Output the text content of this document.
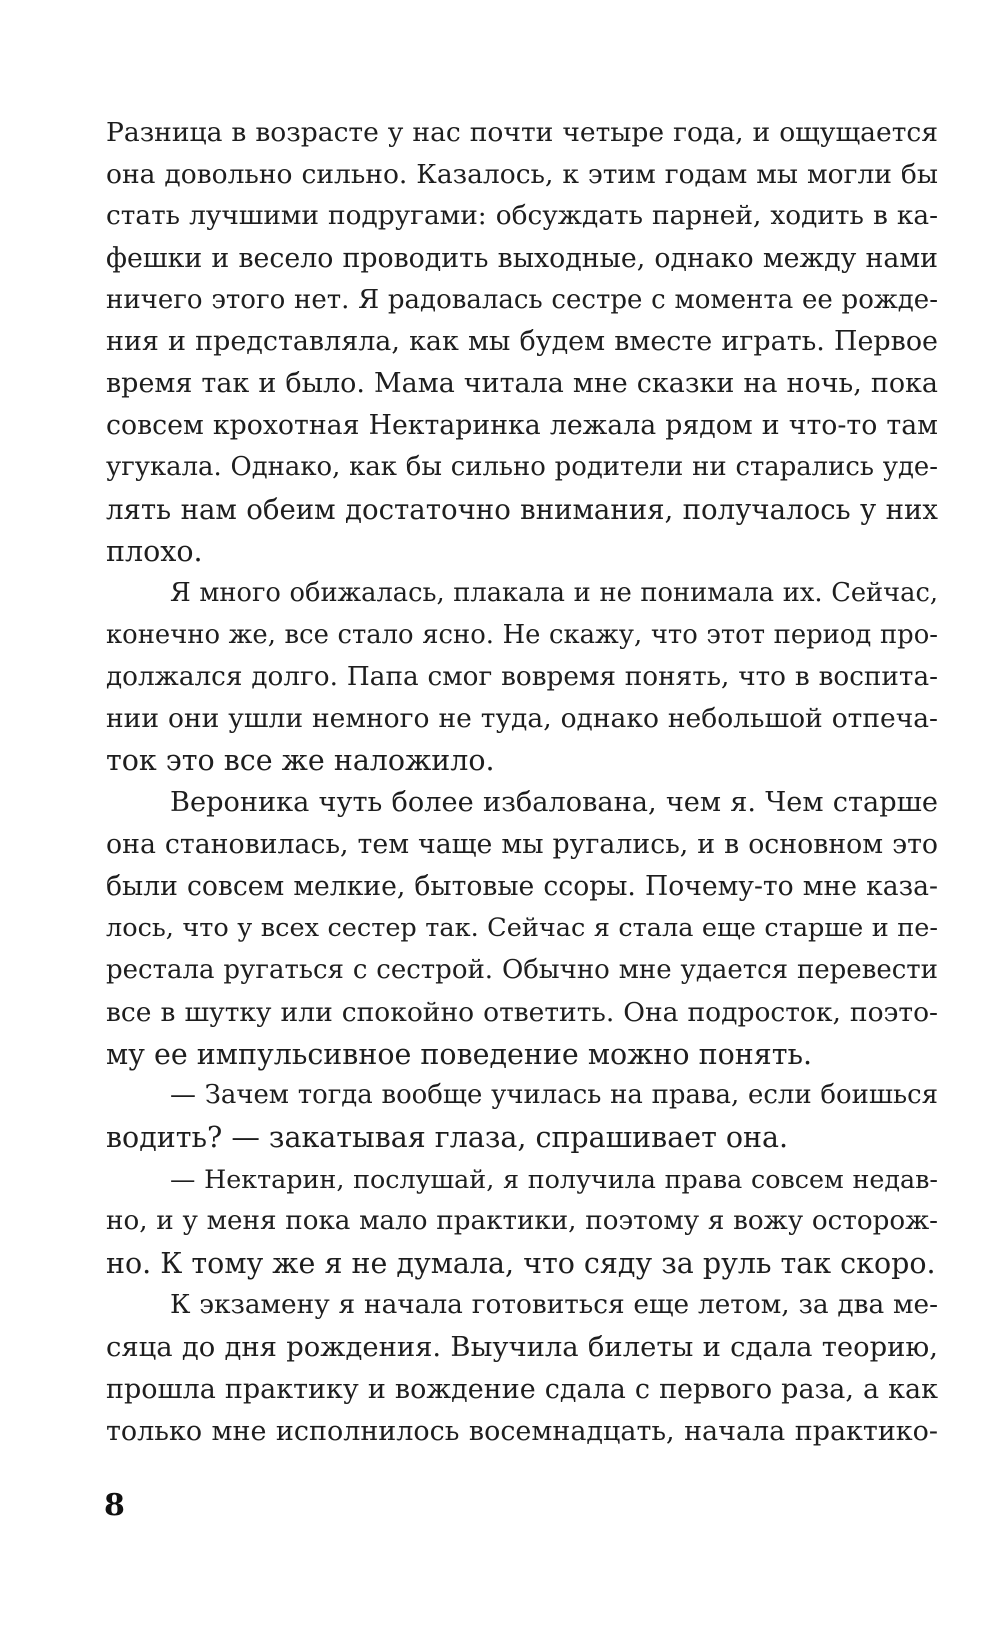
Разница в возрасте у нас почти четыре года, и ощущается
она довольно сильно. Казалось, к этим годам мы могли бы
стать лучшими подругами: обсуждать парней, ходить в ка-
фешки и весело проводить выходные, однако между нами
ничего этого нет. Я радовалась сестре с момента ее рожде-
ния и представляла, как мы будем вместе играть. Первое
время так и было. Мама читала мне сказки на ночь, пока
совсем крохотная Нектаринка лежала рядом и что-то там
угукала. Однако, как бы сильно родители ни старались уде-
лять нам обеим достаточно внимания, получалось у них
плохо.
Я много обижалась, плакала и не понимала их. Сейчас,
конечно же, все стало ясно. Не скажу, что этот период про-
должался долго. Папа смог вовремя понять, что в воспита-
нии они ушли немного не туда, однако небольшой отпеча-
ток это все же наложило.
Вероника чуть более избалована, чем я. Чем старше
она становилась, тем чаще мы ругались, и в основном это
были совсем мелкие, бытовые ссоры. Почему-то мне каза-
лось, что у всех сестер так. Сейчас я стала еще старше и пе-
рестала ругаться с сестрой. Обычно мне удается перевести
все в шутку или спокойно ответить. Она подросток, поэто-
му ее импульсивное поведение можно понять.
— Зачем тогда вообще училась на права, если боишься
водить? — закатывая глаза, спрашивает она.
— Нектарин, послушай, я получила права совсем недав-
но, и у меня пока мало практики, поэтому я вожу осторож-
но. К тому же я не думала, что сяду за руль так скоро.
К экзамену я начала готовиться еще летом, за два ме-
сяца до дня рождения. Выучила билеты и сдала теорию,
прошла практику и вождение сдала с первого раза, а как
только мне исполнилось восемнадцать, начала практико-
8
